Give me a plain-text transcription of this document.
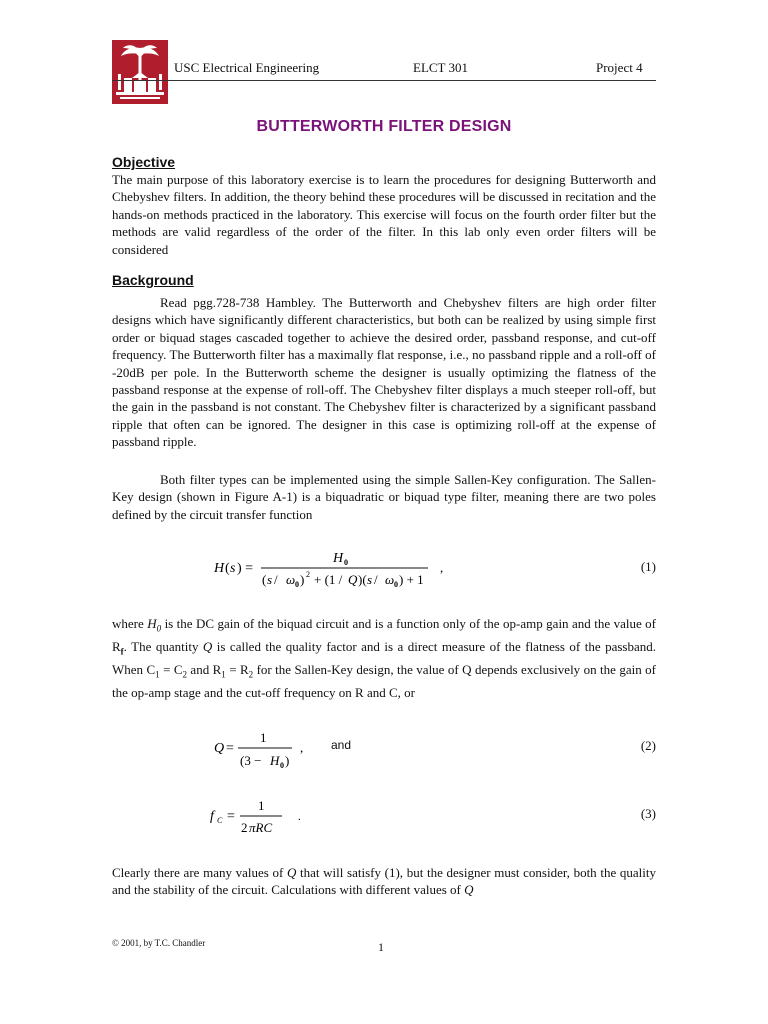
USC Electrical Engineering	ELCT 301	Project 4
BUTTERWORTH FILTER DESIGN
Objective
The main purpose of this laboratory exercise is to learn the procedures for designing Butterworth and Chebyshev filters. In addition, the theory behind these procedures will be discussed in recitation and the hands-on methods practiced in the laboratory. This exercise will focus on the fourth order filter but the methods are valid regardless of the order of the filter. In this lab only even order filters will be considered
Background
Read pgg.728-738 Hambley. The Butterworth and Chebyshev filters are high order filter designs which have significantly different characteristics, but both can be realized by using simple first order or biquad stages cascaded together to achieve the desired order, passband response, and cut-off frequency. The Butterworth filter has a maximally flat response, i.e., no passband ripple and a roll-off of -20dB per pole. In the Butterworth scheme the designer is usually optimizing the flatness of the passband response at the expense of roll-off. The Chebyshev filter displays a much steeper roll-off, but the gain in the passband is not constant. The Chebyshev filter is characterized by a significant passband ripple that often can be ignored. The designer in this case is optimizing roll-off at the expense of passband ripple.
Both filter types can be implemented using the simple Sallen-Key configuration. The Sallen-Key design (shown in Figure A-1) is a biquadratic or biquad type filter, meaning there are two poles defined by the circuit transfer function
H ( s ) =
H 0
( s / ω 0 ) 2 + (1 / Q )( s / ω 0 ) + 1
,	(1)
where $H_0$ is the DC gain of the biquad circuit and is a function only of the op-amp gain and the value of $R_f$. The quantity Q is called the quality factor and is a direct measure of the flatness of the passband. When $C_1 = C_2$ and $R_1 = R_2$ for the Sallen-Key design, the value of Q depends exclusively on the gain of the op-amp stage and the cut-off frequency on R and C, or
Q =
1
(3 − H 0 )
, and	(2)
f C =
1
2 πRC
.	(3)
Clearly there are many values of Q that will satisfy (1), but the designer must consider, both the quality and the stability of the circuit. Calculations with different values of Q
© 2001, by T.C. Chandler	1
